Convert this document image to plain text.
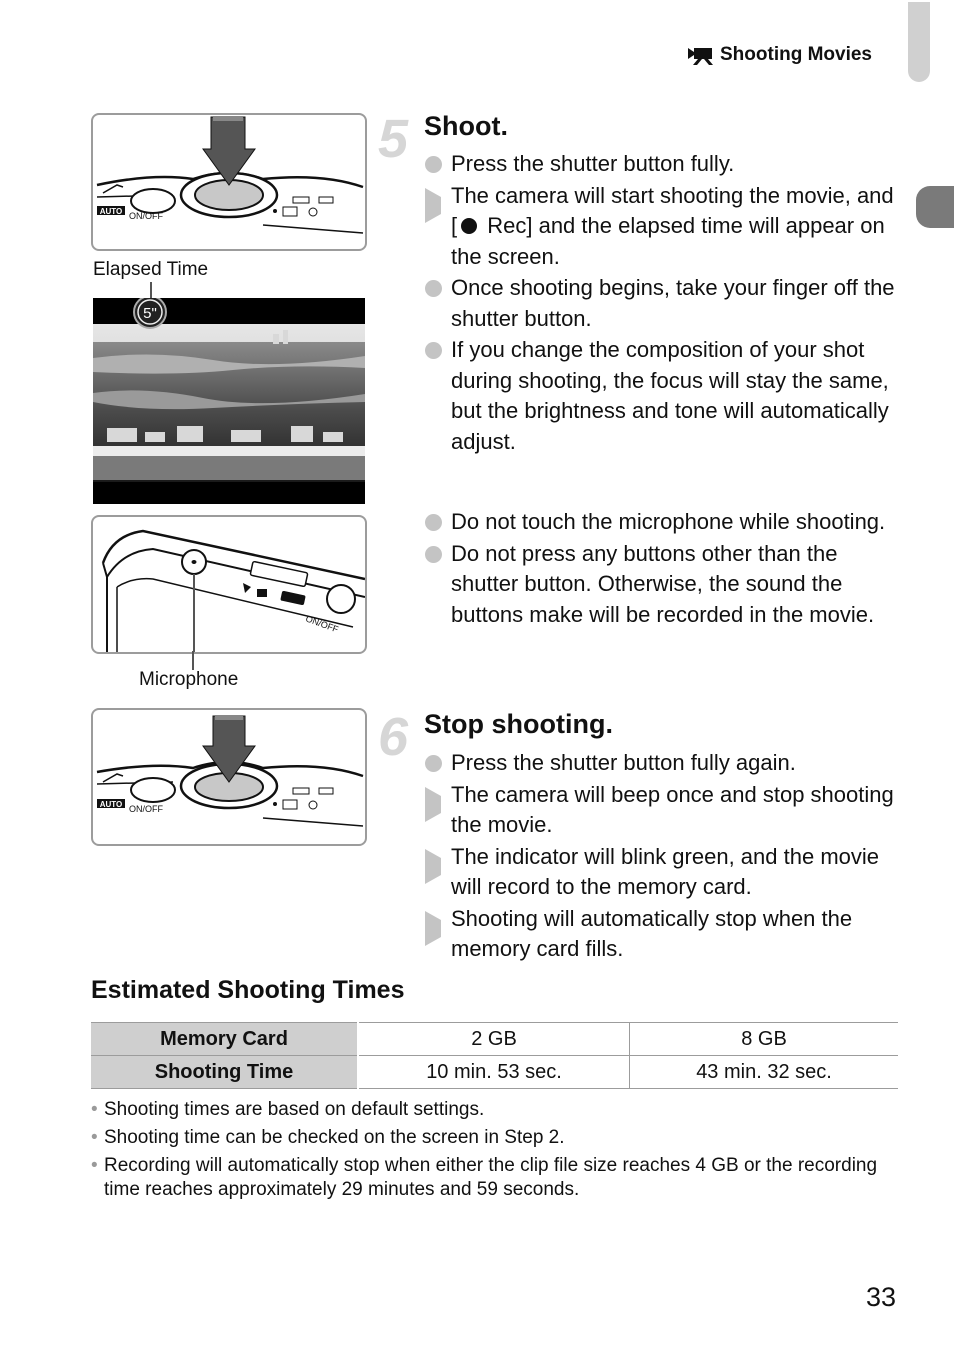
Shooting Movies
AUTO ON/OFF
Elapsed Time
5"
ON/OFF
Microphone
AUTO ON/OFF
5 Shoot.
Press the shutter button fully.
The camera will start shooting the movie, and [ Rec] and the elapsed time will appear on the screen.
Once shooting begins, take your finger off the shutter button.
If you change the composition of your shot during shooting, the focus will stay the same, but the brightness and tone will automatically adjust.
Do not touch the microphone while shooting.
Do not press any buttons other than the shutter button. Otherwise, the sound the buttons make will be recorded in the movie.
6 Stop shooting.
Press the shutter button fully again.
The camera will beep once and stop shooting the movie.
The indicator will blink green, and the movie will record to the memory card.
Shooting will automatically stop when the memory card fills.
Estimated Shooting Times
Memory Card	2 GB	8 GB
Shooting Time	10 min. 53 sec.	43 min. 32 sec.
• Shooting times are based on default settings.
• Shooting time can be checked on the screen in Step 2.
• Recording will automatically stop when either the clip file size reaches 4 GB or the recording time reaches approximately 29 minutes and 59 seconds.
33
